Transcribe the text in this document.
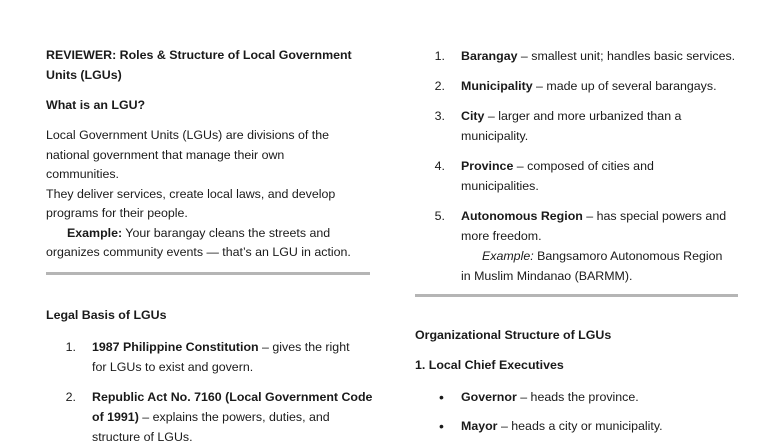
REVIEWER: Roles & Structure of Local Government
Units (LGUs)
What is an LGU?
Local Government Units (LGUs) are divisions of the
national government that manage their own
communities.
They deliver services, create local laws, and develop
programs for their people.
Example: Your barangay cleans the streets and
organizes community events — that’s an LGU in action.
Legal Basis of LGUs
1. 1987 Philippine Constitution – gives the right
for LGUs to exist and govern.
2. Republic Act No. 7160 (Local Government Code
of 1991) – explains the powers, duties, and
structure of LGUs.
1. Barangay – smallest unit; handles basic services.
2. Municipality – made up of several barangays.
3. City – larger and more urbanized than a
municipality.
4. Province – composed of cities and
municipalities.
5. Autonomous Region – has special powers and
more freedom.
Example: Bangsamoro Autonomous Region
in Muslim Mindanao (BARMM).
Organizational Structure of LGUs
1. Local Chief Executives
• Governor – heads the province.
• Mayor – heads a city or municipality.
